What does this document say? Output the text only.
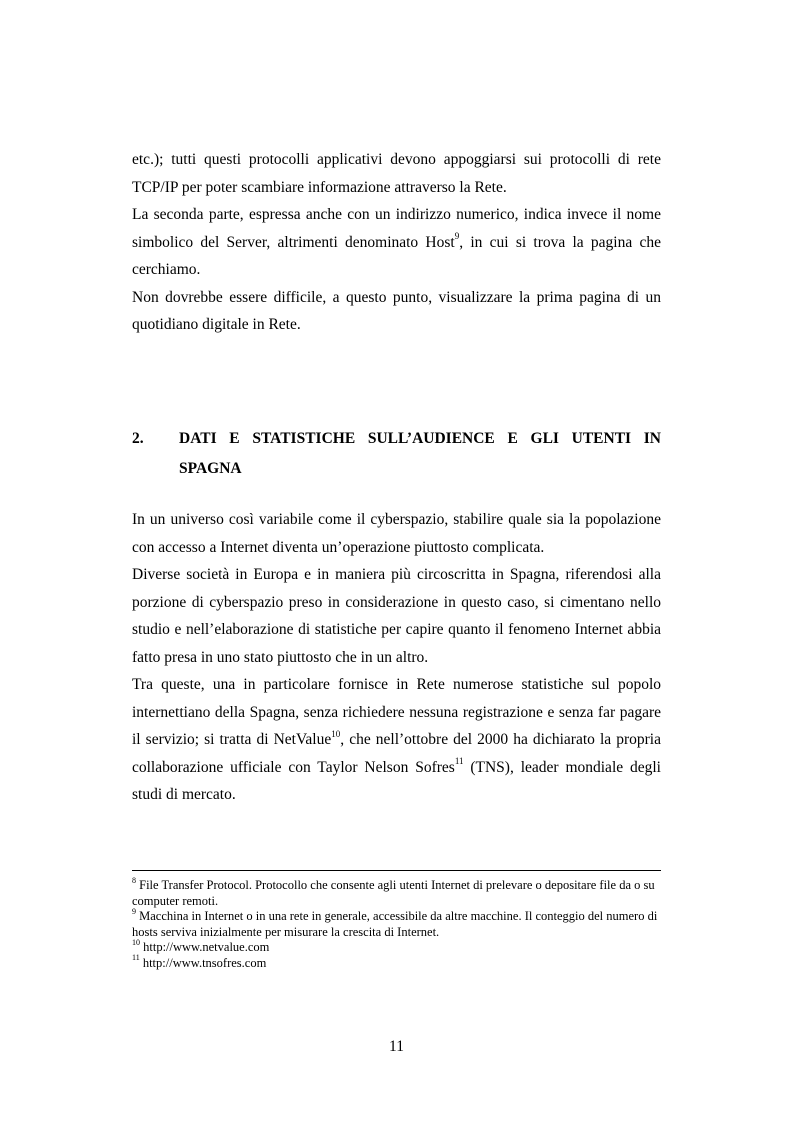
etc.); tutti questi protocolli applicativi devono appoggiarsi sui protocolli di rete TCP/IP per poter scambiare informazione attraverso la Rete.

La seconda parte, espressa anche con un indirizzo numerico, indica invece il nome simbolico del Server, altrimenti denominato Host$^9$, in cui si trova la pagina che cerchiamo.

Non dovrebbe essere difficile, a questo punto, visualizzare la prima pagina di un quotidiano digitale in Rete.

2. DATI E STATISTICHE SULL’AUDIENCE E GLI UTENTI IN SPAGNA

In un universo così variabile come il cyberspazio, stabilire quale sia la popolazione con accesso a Internet diventa un’operazione piuttosto complicata.

Diverse società in Europa e in maniera più circoscritta in Spagna, riferendosi alla porzione di cyberspazio preso in considerazione in questo caso, si cimentano nello studio e nell’elaborazione di statistiche per capire quanto il fenomeno Internet abbia fatto presa in uno stato piuttosto che in un altro.

Tra queste, una in particolare fornisce in Rete numerose statistiche sul popolo internettiano della Spagna, senza richiedere nessuna registrazione e senza far pagare il servizio; si tratta di NetValue$^{10}$, che nell’ottobre del 2000 ha dichiarato la propria collaborazione ufficiale con Taylor Nelson Sofres$^{11}$ (TNS), leader mondiale degli studi di mercato.

$^8$ File Transfer Protocol. Protocollo che consente agli utenti Internet di prelevare o depositare file da o su computer remoti.

$^9$ Macchina in Internet o in una rete in generale, accessibile da altre macchine. Il conteggio del numero di hosts serviva inizialmente per misurare la crescita di Internet.

$^{10}$ http://www.netvalue.com

$^{11}$ http://www.tnsofres.com

11
